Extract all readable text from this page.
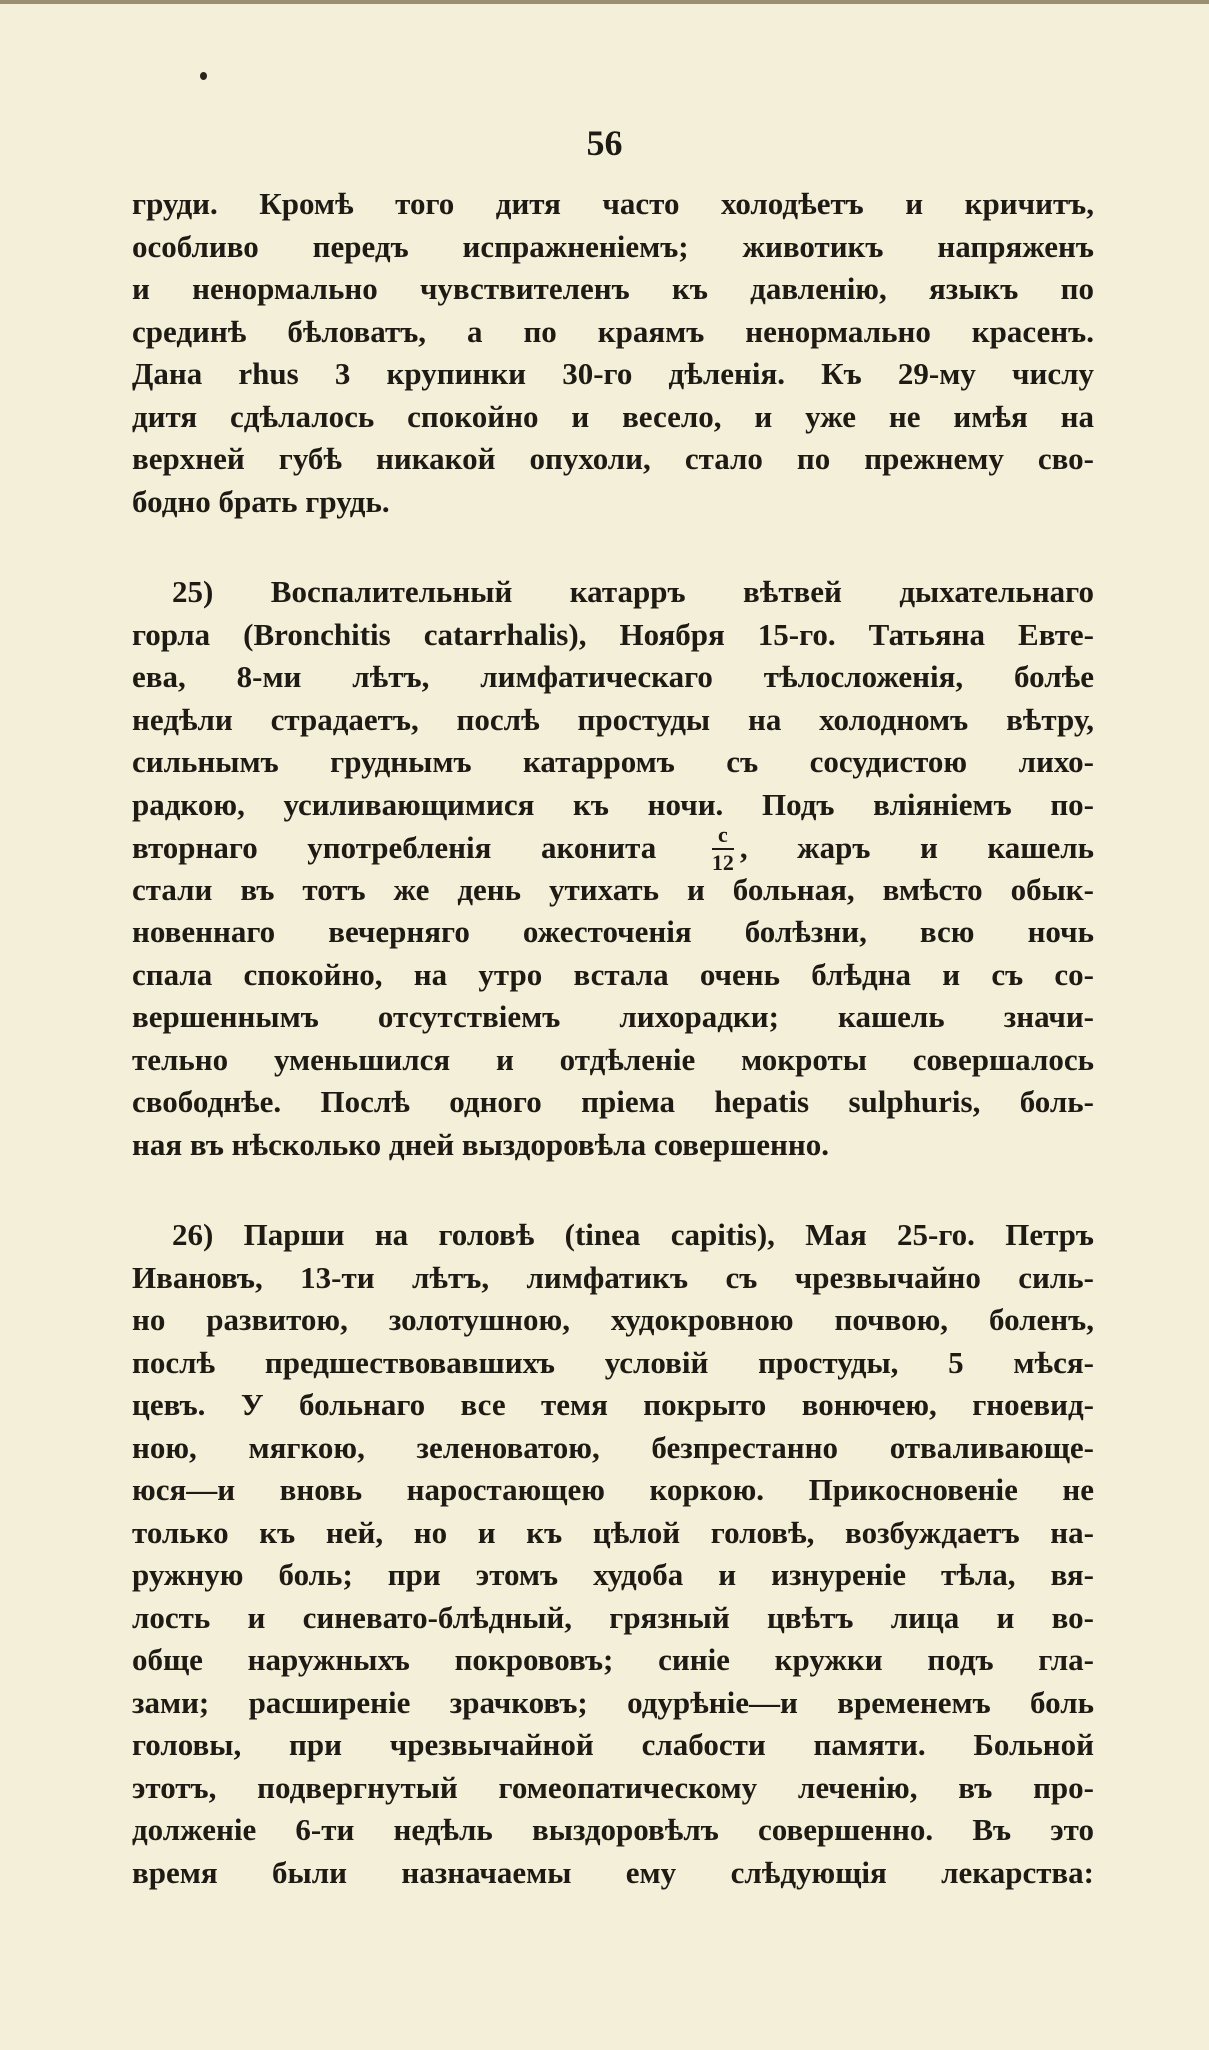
56
груди. Кромѣ того дитя часто холодѣетъ и кричитъ,
особливо передъ испражненіемъ; животикъ напряженъ
и ненормально чувствителенъ къ давленію, языкъ по
срединѣ бѣловатъ, а по краямъ ненормально красенъ.
Дана rhus 3 крупинки 30-го дѣленія. Къ 29-му числу
дитя сдѣлалось спокойно и весело, и уже не имѣя на
верхней губѣ никакой опухоли, стало по прежнему сво-
бодно брать грудь.
25) Воспалительный катарръ вѣтвей дыхательнаго
горла (Bronchitis catarrhalis), Ноября 15-го. Татьяна Евте-
ева, 8-ми лѣтъ, лимфатическаго тѣлосложенія, болѣе
недѣли страдаетъ, послѣ простуды на холодномъ вѣтру,
сильнымъ груднымъ катарромъ съ сосудистою лихо-
радкою, усиливающимися къ ночи. Подъ вліяніемъ по-
вторнаго употребленія аконита	$\frac{c}{12}$ , жаръ и кашель
стали въ тотъ же день утихать и больная, вмѣсто обык-
новеннаго вечерняго ожесточенія болѣзни, всю ночь
спала спокойно, на утро встала очень блѣдна и съ со-
вершеннымъ отсутствіемъ лихорадки; кашель значи-
тельно уменьшился и отдѣленіе мокроты совершалось
свободнѣе. Послѣ одного пріема hepatis sulphuris, боль-
ная въ нѣсколько дней выздоровѣла совершенно.
26) Парши на головѣ (tinea capitis), Мая 25-го. Петръ
Ивановъ, 13-ти лѣтъ, лимфатикъ съ чрезвычайно силь-
но развитою, золотушною, худокровною почвою, боленъ,
послѣ предшествовавшихъ условій простуды, 5 мѣся-
цевъ. У больнаго все темя покрыто вонючею, гноевид-
ною, мягкою, зеленоватою, безпрестанно отваливающе-
юся—и вновь наростающею коркою. Прикосновеніе не
только къ ней, но и къ цѣлой головѣ, возбуждаетъ на-
ружную боль; при этомъ худоба и изнуреніе тѣла, вя-
лость и синевато-блѣдный, грязный цвѣтъ лица и во-
обще наружныхъ покрововъ; синіе кружки подъ гла-
зами; расширеніе зрачковъ; одурѣніе—и временемъ боль
головы, при чрезвычайной слабости памяти. Больной
этотъ, подвергнутый гомеопатическому леченію, въ про-
долженіе 6-ти недѣль выздоровѣлъ совершенно. Въ это
время были назначаемы ему слѣдующія лекарства:
